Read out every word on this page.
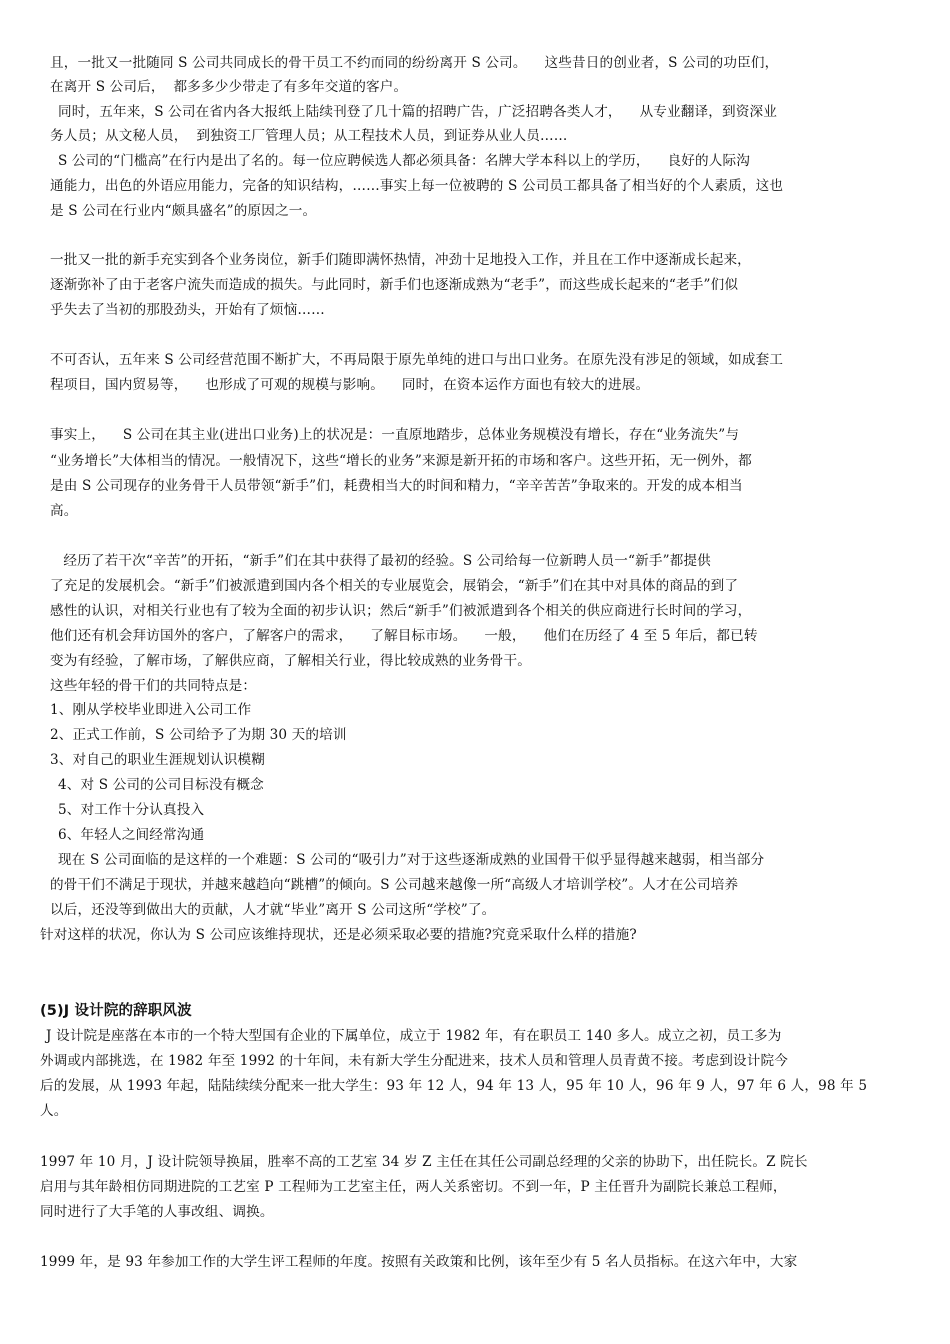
且，一批又一批随同 S 公司共同成长的骨干员工不约而同的纷纷离开 S 公司。    这些昔日的创业者，S 公司的功臣们，
在离开 S 公司后，  都多多少少带走了有多年交道的客户。
同时，五年来，S 公司在省内各大报纸上陆续刊登了几十篇的招聘广告，广泛招聘各类人才，    从专业翻译，到资深业
务人员；从文秘人员，  到独资工厂管理人员；从工程技术人员，到证券从业人员……
S 公司的“门槛高”在行内是出了名的。每一位应聘候选人都必须具备：名牌大学本科以上的学历，    良好的人际沟
通能力，出色的外语应用能力，完备的知识结构，……事实上每一位被聘的 S 公司员工都具备了相当好的个人素质，这也
是 S 公司在行业内“颇具盛名”的原因之一。
一批又一批的新手充实到各个业务岗位，新手们随即满怀热情，冲劲十足地投入工作，并且在工作中逐渐成长起来，
逐渐弥补了由于老客户流失而造成的损失。与此同时，新手们也逐渐成熟为“老手”，而这些成长起来的“老手”们似
乎失去了当初的那股劲头，开始有了烦恼……
不可否认，五年来 S 公司经营范围不断扩大，不再局限于原先单纯的进口与出口业务。在原先没有涉足的领域，如成套工
程项目，国内贸易等，    也形成了可观的规模与影响。    同时，在资本运作方面也有较大的进展。
事实上，    S 公司在其主业(进出口业务)上的状况是：一直原地踏步，总体业务规模没有增长，存在“业务流失”与
“业务增长”大体相当的情况。一般情况下，这些“增长的业务”来源是新开拓的市场和客户。这些开拓，无一例外，都
是由 S 公司现存的业务骨干人员带领“新手”们，耗费相当大的时间和精力，“辛辛苦苦”争取来的。开发的成本相当
高。
经历了若干次“辛苦”的开拓，“新手”们在其中获得了最初的经验。S 公司给每一位新聘人员一“新手”都提供
了充足的发展机会。“新手”们被派遣到国内各个相关的专业展览会，展销会，“新手”们在其中对具体的商品的到了
感性的认识，对相关行业也有了较为全面的初步认识；然后“新手”们被派遣到各个相关的供应商进行长时间的学习，
他们还有机会拜访国外的客户，了解客户的需求，    了解目标市场。    一般，    他们在历经了 4 至 5 年后，都已转
变为有经验，了解市场，了解供应商，了解相关行业，得比较成熟的业务骨干。
这些年轻的骨干们的共同特点是：
1、刚从学校毕业即进入公司工作
2、正式工作前，S 公司给予了为期 30 天的培训
3、对自己的职业生涯规划认识模糊
4、对 S 公司的公司目标没有概念
5、对工作十分认真投入
6、年轻人之间经常沟通
现在 S 公司面临的是这样的一个难题：S 公司的“吸引力”对于这些逐渐成熟的业国骨干似乎显得越来越弱，相当部分
的骨干们不满足于现状，并越来越趋向“跳槽”的倾向。S 公司越来越像一所“高级人才培训学校”。人才在公司培养
以后，还没等到做出大的贡献，人才就“毕业”离开 S 公司这所“学校”了。
针对这样的状况，你认为 S 公司应该维持现状，还是必须采取必要的措施?究竟采取什么样的措施?
(5)J 设计院的辞职风波
J 设计院是座落在本市的一个特大型国有企业的下属单位，成立于 1982 年，有在职员工 140 多人。成立之初，员工多为
外调或内部挑选，在 1982 年至 1992 的十年间，未有新大学生分配进来，技术人员和管理人员青黄不接。考虑到设计院今
后的发展，从 1993 年起，陆陆续续分配来一批大学生：93 年 12 人，94 年 13 人，95 年 10 人，96 年 9 人，97 年 6 人，98 年 5
人。
1997 年 10 月，J 设计院领导换届，胜率不高的工艺室 34 岁 Z 主任在其任公司副总经理的父亲的协助下，出任院长。Z 院长
启用与其年龄相仿同期进院的工艺室 P 工程师为工艺室主任，两人关系密切。不到一年，P 主任晋升为副院长兼总工程师，
同时进行了大手笔的人事改组、调换。
1999 年，是 93 年参加工作的大学生评工程师的年度。按照有关政策和比例，该年至少有 5 名人员指标。在这六年中，大家
